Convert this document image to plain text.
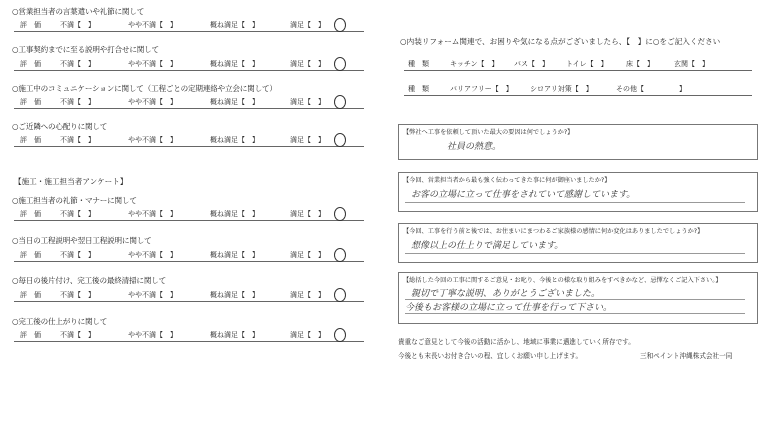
○営業担当者の言葉遣いや礼節に関して
評　価	不満【　】	やや不満【　】	概ね満足【　】	満足【　】
○工事契約までに至る説明や打合せに関して
評　価	不満【　】	やや不満【　】	概ね満足【　】	満足【　】
○施工中のコミュニケーションに関して（工程ごとの定期連絡や立会に関して）
評　価	不満【　】	やや不満【　】	概ね満足【　】	満足【　】
○ご近隣への心配りに関して
評　価	不満【　】	やや不満【　】	概ね満足【　】	満足【　】
【施工・施工担当者アンケート】
○施工担当者の礼節・マナーに関して
評　価	不満【　】	やや不満【　】	概ね満足【　】	満足【　】
○当日の工程説明や翌日工程説明に関して
評　価	不満【　】	やや不満【　】	概ね満足【　】	満足【　】
○毎日の後片付け、完工後の最終清掃に関して
評　価	不満【　】	やや不満【　】	概ね満足【　】	満足【　】
○完工後の仕上がりに関して
評　価	不満【　】	やや不満【　】	概ね満足【　】	満足【　】
○内装リフォーム関連で、お困りや気になる点がございましたら、【　】に○をご記入ください
種　類	キッチン【　】 バス【　】 トイレ【　】	床【　】	玄関【　】
種　類	バリアフリー【　】 シロアリ対策【　】	その他【　　　　　】
【弊社へ工事を依頼して頂いた最大の要因は何でしょうか?】
社員の熱意。
【今回、営業担当者から最も強く伝わってきた事に何が御座いましたか?】
お客の立場に立って仕事をされていて感謝しています。
【今回、工事を行う前と後では、お住まいにまつわるご家族様の感情に何か変化はありましたでしょうか?】
想像以上の仕上りで満足しています。
【総括した今回の工事に関するご意見・お叱り、今後との様な取り組みをすべきかなど、忌憚なくご記入下さい。】
親切で丁寧な説明、ありがとうございました。
今後もお客様の立場に立って仕事を行って下さい。
貴重なご意見として今後の活動に活かし、地域に事業に邁進していく所存です。
今後とも末長いお付き合いの程、宜しくお願い申し上げます。	三和ペイント沖縄株式会社一同
